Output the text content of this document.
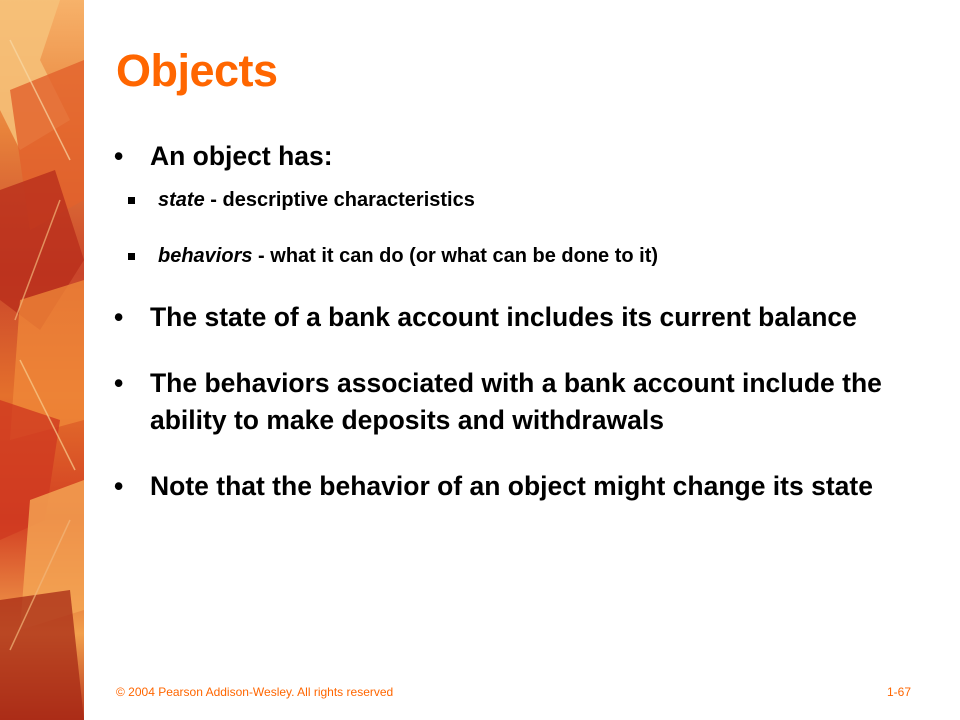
Objects
•	An object has:
state - descriptive characteristics
behaviors - what it can do (or what can be done to it)
•	The state of a bank account includes its current balance
•	The behaviors associated with a bank account include the ability to make deposits and withdrawals
•	Note that the behavior of an object might change its state
© 2004 Pearson Addison-Wesley. All rights reserved	1-67
